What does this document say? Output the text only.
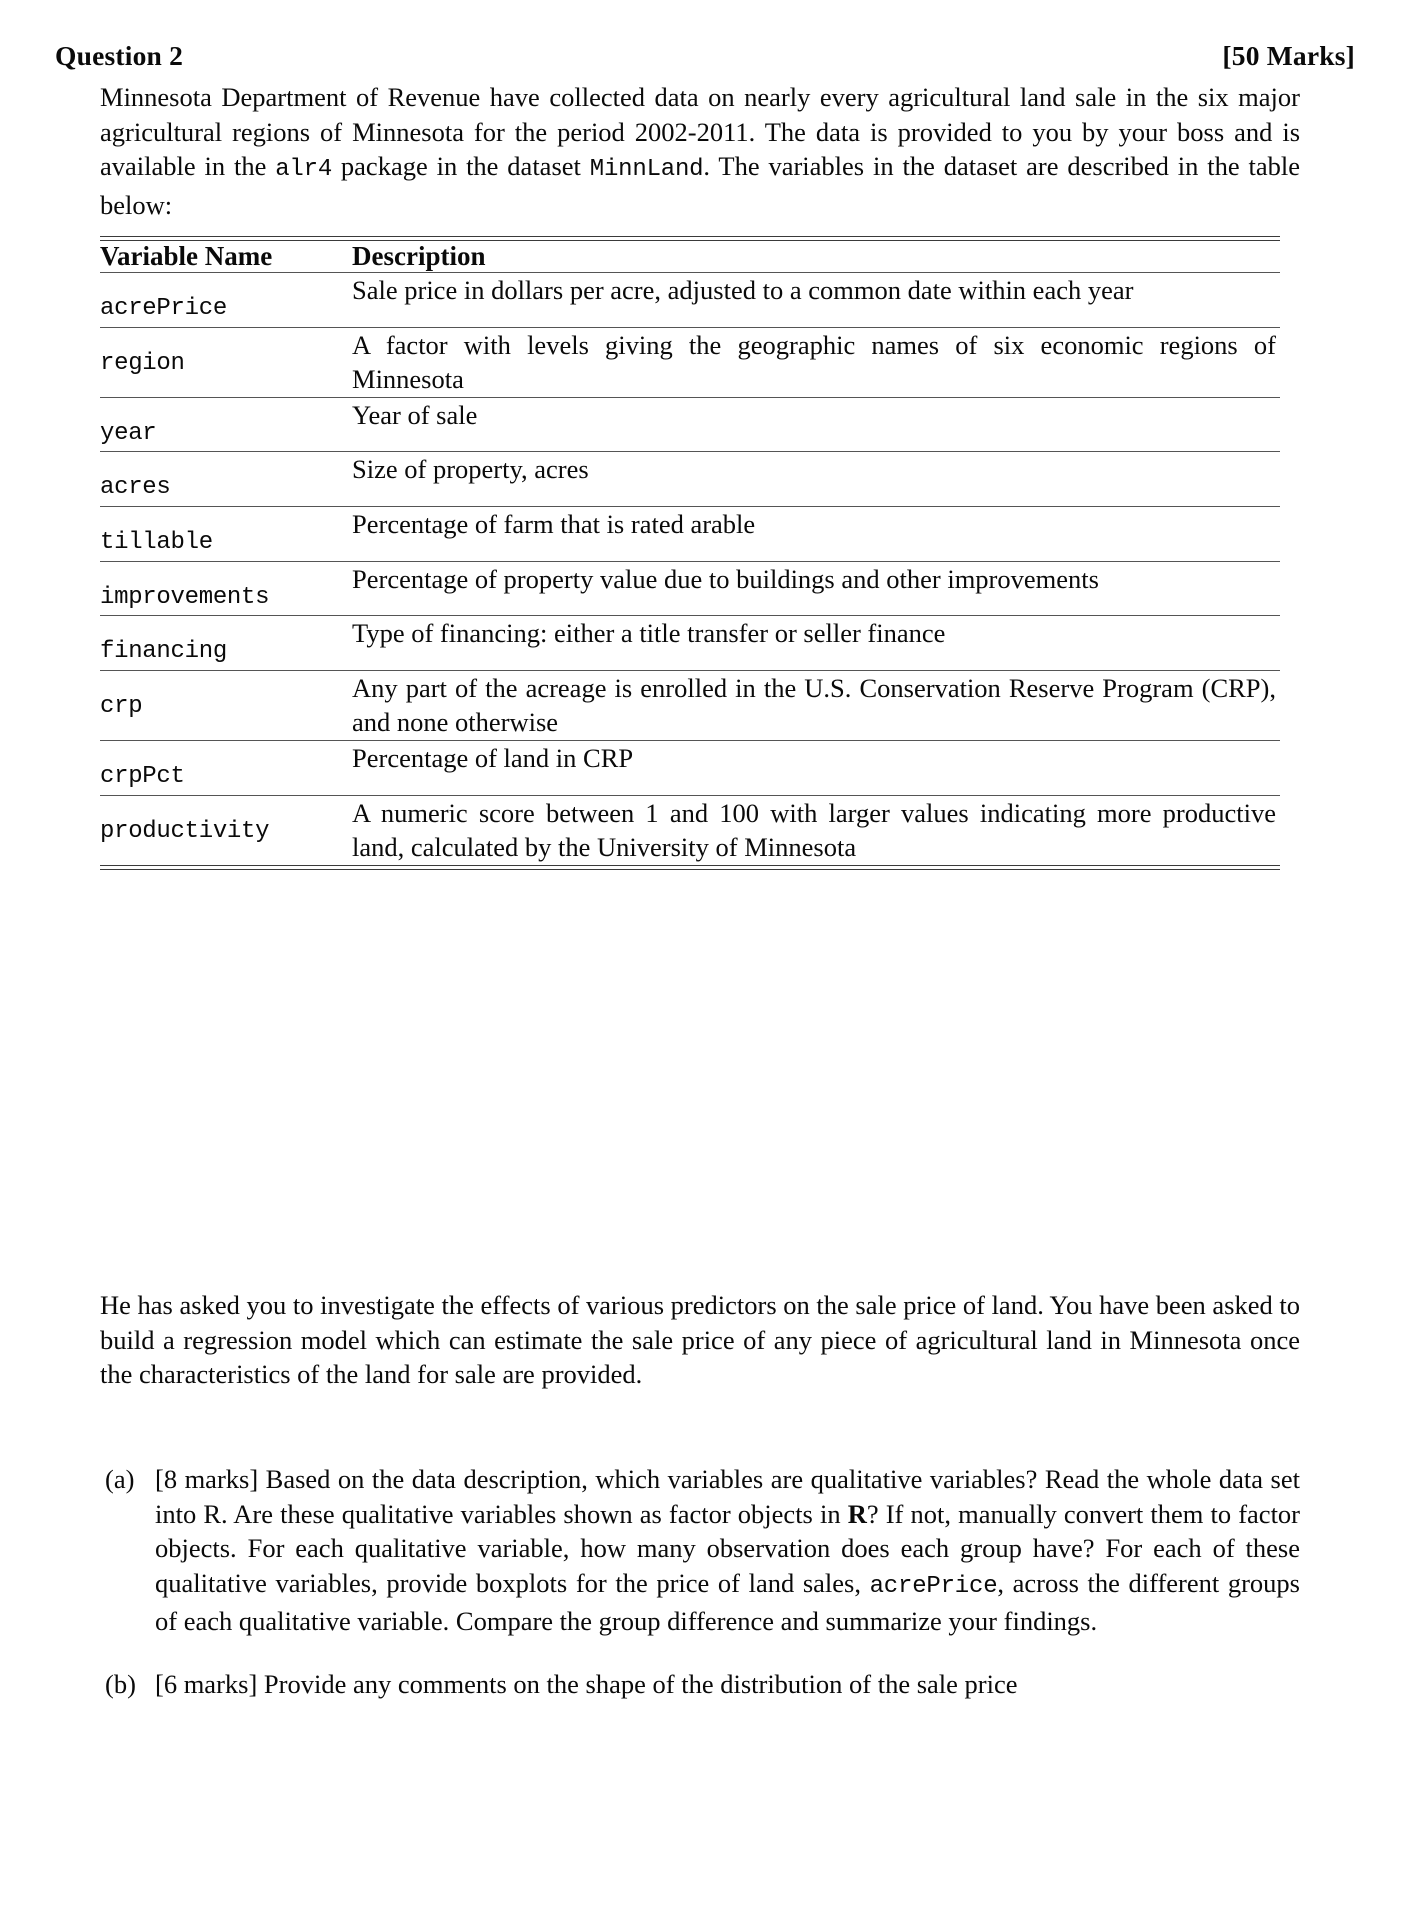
Question 2	[50 Marks]
Minnesota Department of Revenue have collected data on nearly every agricultural land sale in the six major agricultural regions of Minnesota for the period 2002-2011. The data is provided to you by your boss and is available in the alr4 package in the dataset MinnLand. The variables in the dataset are described in the table below:
Variable Name	Description

acrePrice	Sale price in dollars per acre, adjusted to a common date within each year

region	A factor with levels giving the geographic names of six economic regions of Minnesota

year	Year of sale

acres	Size of property, acres

tillable	Percentage of farm that is rated arable

improvements	Percentage of property value due to buildings and other improvements

financing	Type of financing: either a title transfer or seller finance

crp	Any part of the acreage is enrolled in the U.S. Conservation Reserve Program (CRP), and none otherwise

crpPct	Percentage of land in CRP

productivity	A numeric score between 1 and 100 with larger values indicating more productive land, calculated by the University of Minnesota
He has asked you to investigate the effects of various predictors on the sale price of land. You have been asked to build a regression model which can estimate the sale price of any piece of agricultural land in Minnesota once the characteristics of the land for sale are provided.
(a) [8 marks] Based on the data description, which variables are qualitative variables? Read the whole data set into R. Are these qualitative variables shown as factor objects in R? If not, manually convert them to factor objects. For each qualitative variable, how many observation does each group have? For each of these qualitative variables, provide boxplots for the price of land sales, acrePrice, across the different groups of each qualitative variable. Compare the group difference and summarize your findings.
(b) [6 marks] Provide any comments on the shape of the distribution of the sale price
